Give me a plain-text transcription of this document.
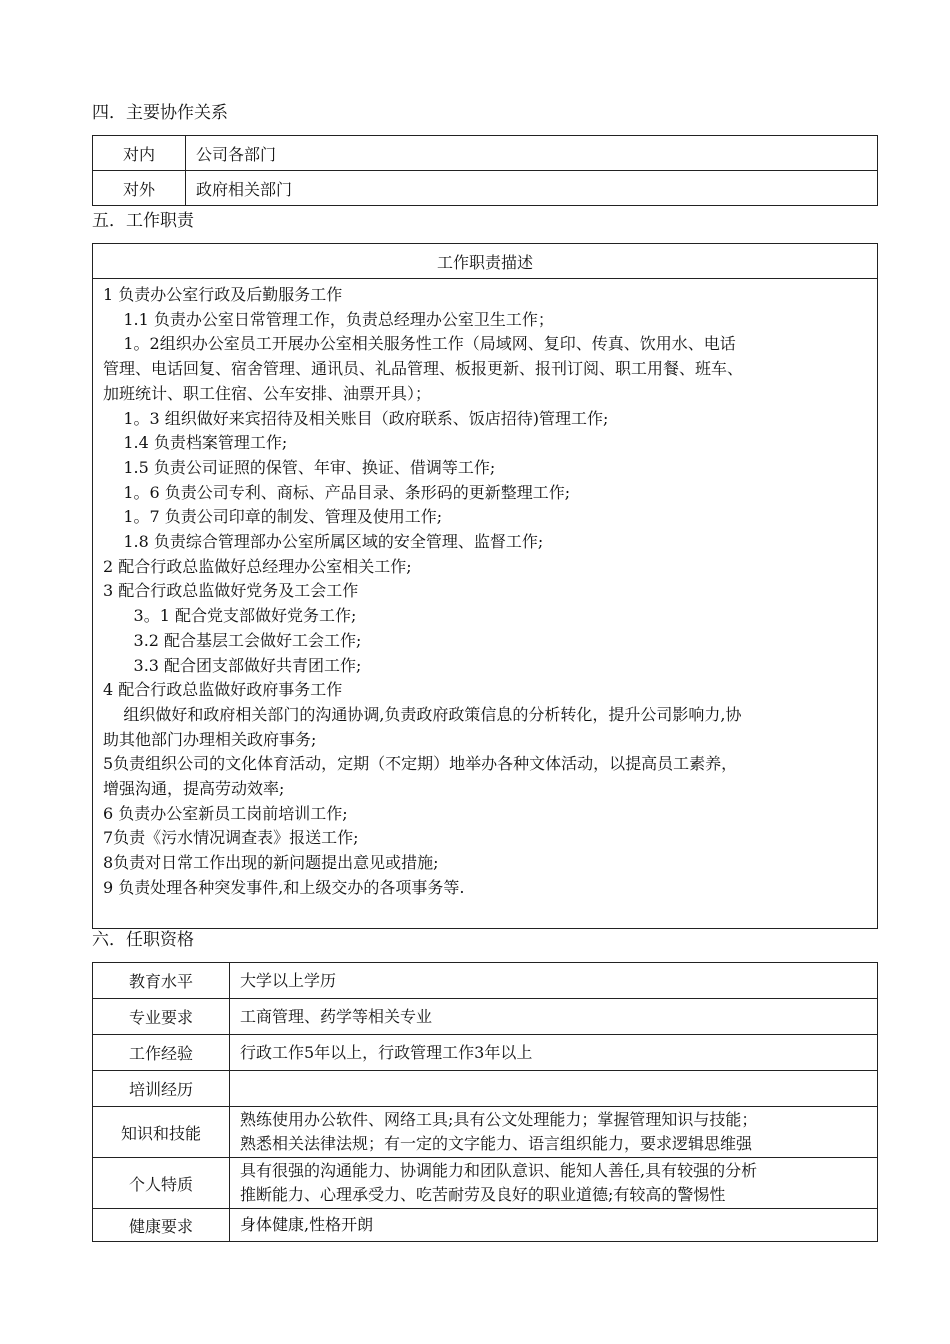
四．主要协作关系
对内	公司各部门
对外	政府相关部门
五．工作职责
工作职责描述

1 负责办公室行政及后勤服务工作
1.1 负责办公室日常管理工作，负责总经理办公室卫生工作；
1。2组织办公室员工开展办公室相关服务性工作（局域网、复印、传真、饮用水、电话
管理、电话回复、宿舍管理、通讯员、礼品管理、板报更新、报刊订阅、职工用餐、班车、
加班统计、职工住宿、公车安排、油票开具）；
1。3 组织做好来宾招待及相关账目（政府联系、饭店招待)管理工作;
1.4 负责档案管理工作;
1.5 负责公司证照的保管、年审、换证、借调等工作;
1。6 负责公司专利、商标、产品目录、条形码的更新整理工作;
1。7 负责公司印章的制发、管理及使用工作;
1.8 负责综合管理部办公室所属区域的安全管理、监督工作;
2 配合行政总监做好总经理办公室相关工作;
3 配合行政总监做好党务及工会工作
3。1 配合党支部做好党务工作;
3.2 配合基层工会做好工会工作;
3.3 配合团支部做好共青团工作;
4 配合行政总监做好政府事务工作
组织做好和政府相关部门的沟通协调,负责政府政策信息的分析转化，提升公司影响力,协
助其他部门办理相关政府事务;
5负责组织公司的文化体育活动，定期（不定期）地举办各种文体活动，以提高员工素养，
增强沟通，提高劳动效率;
6 负责办公室新员工岗前培训工作;
7负责《污水情况调查表》报送工作;
8负责对日常工作出现的新问题提出意见或措施;
9 负责处理各种突发事件,和上级交办的各项事务等.
六．任职资格
教育水平	大学以上学历

专业要求	工商管理、药学等相关专业

工作经验	行政工作5年以上，行政管理工作3年以上

培训经历	

知识和技能	熟练使用办公软件、网络工具;具有公文处理能力；掌握管理知识与技能；
熟悉相关法律法规；有一定的文字能力、语言组织能力，要求逻辑思维强

个人特质	具有很强的沟通能力、协调能力和团队意识、能知人善任,具有较强的分析
推断能力、心理承受力、吃苦耐劳及良好的职业道德;有较高的警惕性

健康要求	身体健康,性格开朗
